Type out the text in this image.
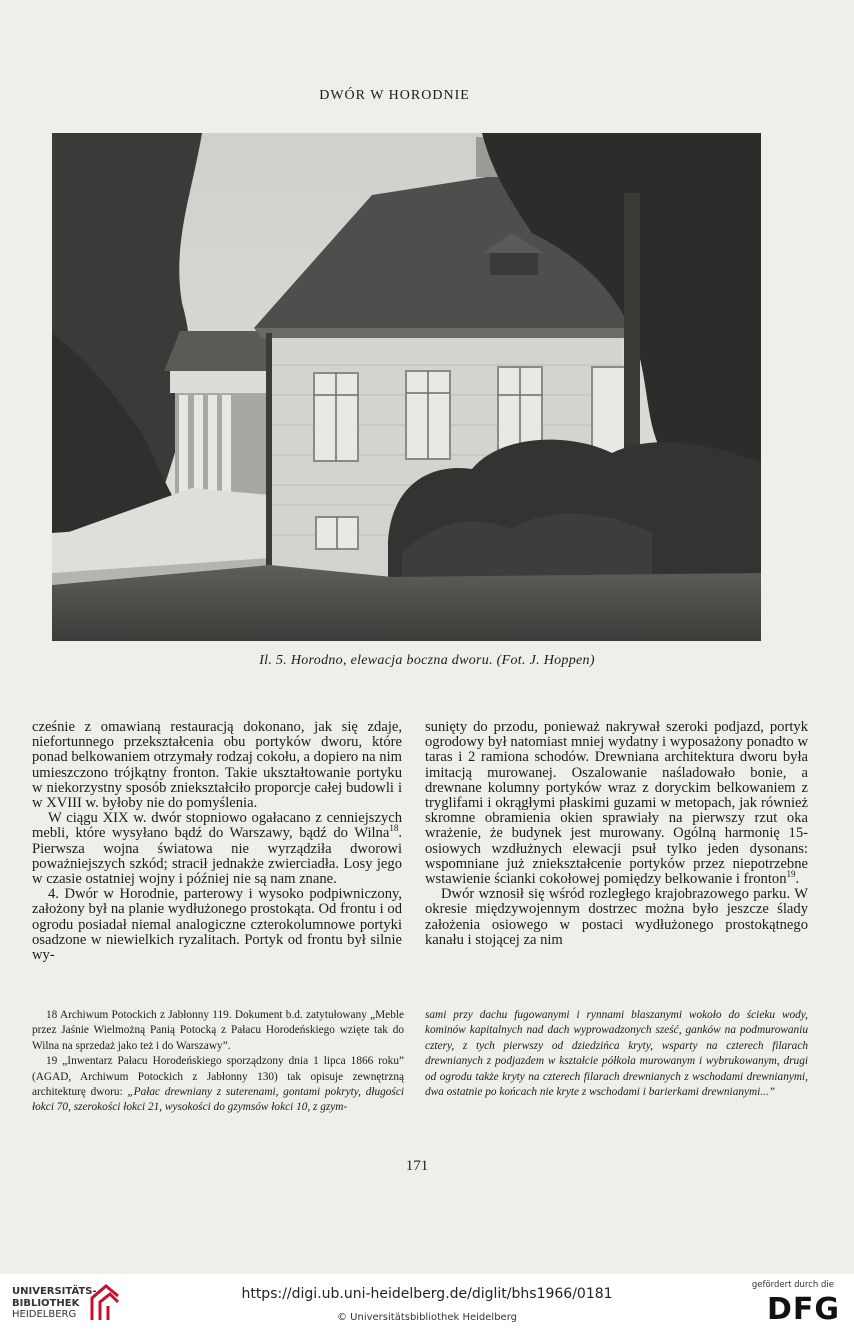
DWÓR W HORODNIE
Il. 5. Horodno, elewacja boczna dworu. (Fot. J. Hoppen)

cześnie z omawianą restauracją dokonano, jak się zdaje, niefortunnego przekształcenia obu portyków dworu, które ponad belkowaniem otrzymały rodzaj cokołu, a dopiero na nim umieszczono trójkątny fronton. Takie ukształtowanie portyku w niekorzystny sposób zniekształciło proporcje całej budowli i w XVIII w. byłoby nie do pomyślenia.

W ciągu XIX w. dwór stopniowo ogałacano z cenniejszych mebli, które wysyłano bądź do Warszawy, bądź do Wilna$^{18}$. Pierwsza wojna światowa nie wyrządziła dworowi poważniejszych szkód; stracił jednakże zwierciadła. Losy jego w czasie ostatniej wojny i później nie są nam znane.

4. Dwór w Horodnie, parterowy i wysoko podpiwniczony, założony był na planie wydłużonego prostokąta. Od frontu i od ogrodu posiadał niemal analogiczne czterokolumnowe portyki osadzone w niewielkich ryzalitach. Portyk od frontu był silnie wy-

sunięty do przodu, ponieważ nakrywał szeroki podjazd, portyk ogrodowy był natomiast mniej wydatny i wyposażony ponadto w taras i 2 ramiona schodów. Drewniana architektura dworu była imitacją murowanej. Oszalowanie naśladowało bonie, a drewnane kolumny portyków wraz z doryckim belkowaniem z tryglifami i okrągłymi płaskimi guzami w metopach, jak również skromne obramienia okien sprawiały na pierwszy rzut oka wrażenie, że budynek jest murowany. Ogólną harmonię 15-osiowych wzdłużnych elewacji psuł tylko jeden dysonans: wspomniane już zniekształcenie portyków przez niepotrzebne wstawienie ścianki cokołowej pomiędzy belkowanie i fronton$^{19}$.

Dwór wznosił się wśród rozległego krajobrazowego parku. W okresie międzywojennym dostrzec można było jeszcze ślady założenia osiowego w postaci wydłużonego prostokątnego kanału i stojącej za nim

18 Archiwum Potockich z Jabłonny 119. Dokument b.d. zatytułowany „Meble przez Jaśnie Wielmożną Panią Potocką z Pałacu Horodeńskiego wzięte tak do Wilna na sprzedaż jako też i do Warszawy”.

19 „Inwentarz Pałacu Horodeńskiego sporządzony dnia 1 lipca 1866 roku” (AGAD, Archiwum Potockich z Jabłonny 130) tak opisuje zewnętrzną architekturę dworu: „Pałac drewniany z suterenami, gontami pokryty, długości łokci 70, szerokości łokci 21, wysokości do gzymsów łokci 10, z gzym-

sami przy dachu fugowanymi i rynnami blaszanymi wokoło do ścieku wody, kominów kapitalnych nad dach wyprowadzonych sześć, ganków na podmurowaniu cztery, z tych pierwszy od dziedzińca kryty, wsparty na czterech filarach drewnianych z podjazdem w kształcie półkola murowanym i wybrukowanym, drugi od ogrodu także kryty na czterech filarach drewnianych z wschodami drewnianymi, dwa ostatnie po końcach nie kryte z wschodami i barierkami drewnianymi...”

171
UNIVERSITÄTS-
BIBLIOTHEK
HEIDELBERG
https://digi.ub.uni-heidelberg.de/diglit/bhs1966/0181
© Universitätsbibliothek Heidelberg
gefördert durch die
DFG
